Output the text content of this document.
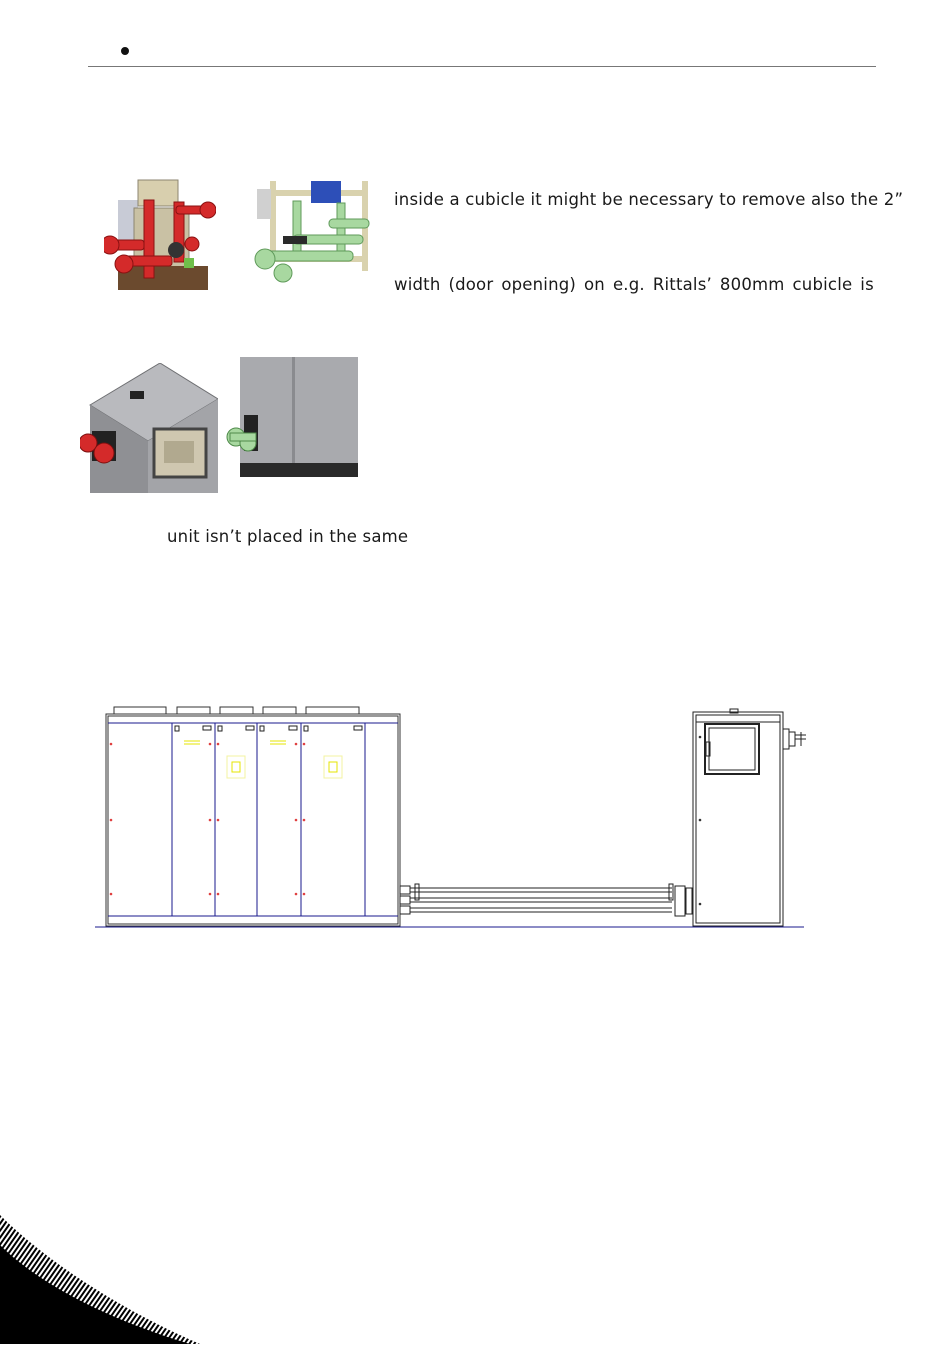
inside a cubicle it might be necessary to remove also the 2”
width (door opening) on e.g. Rittals’ 800mm cubicle is
unit isn’t placed in the same
